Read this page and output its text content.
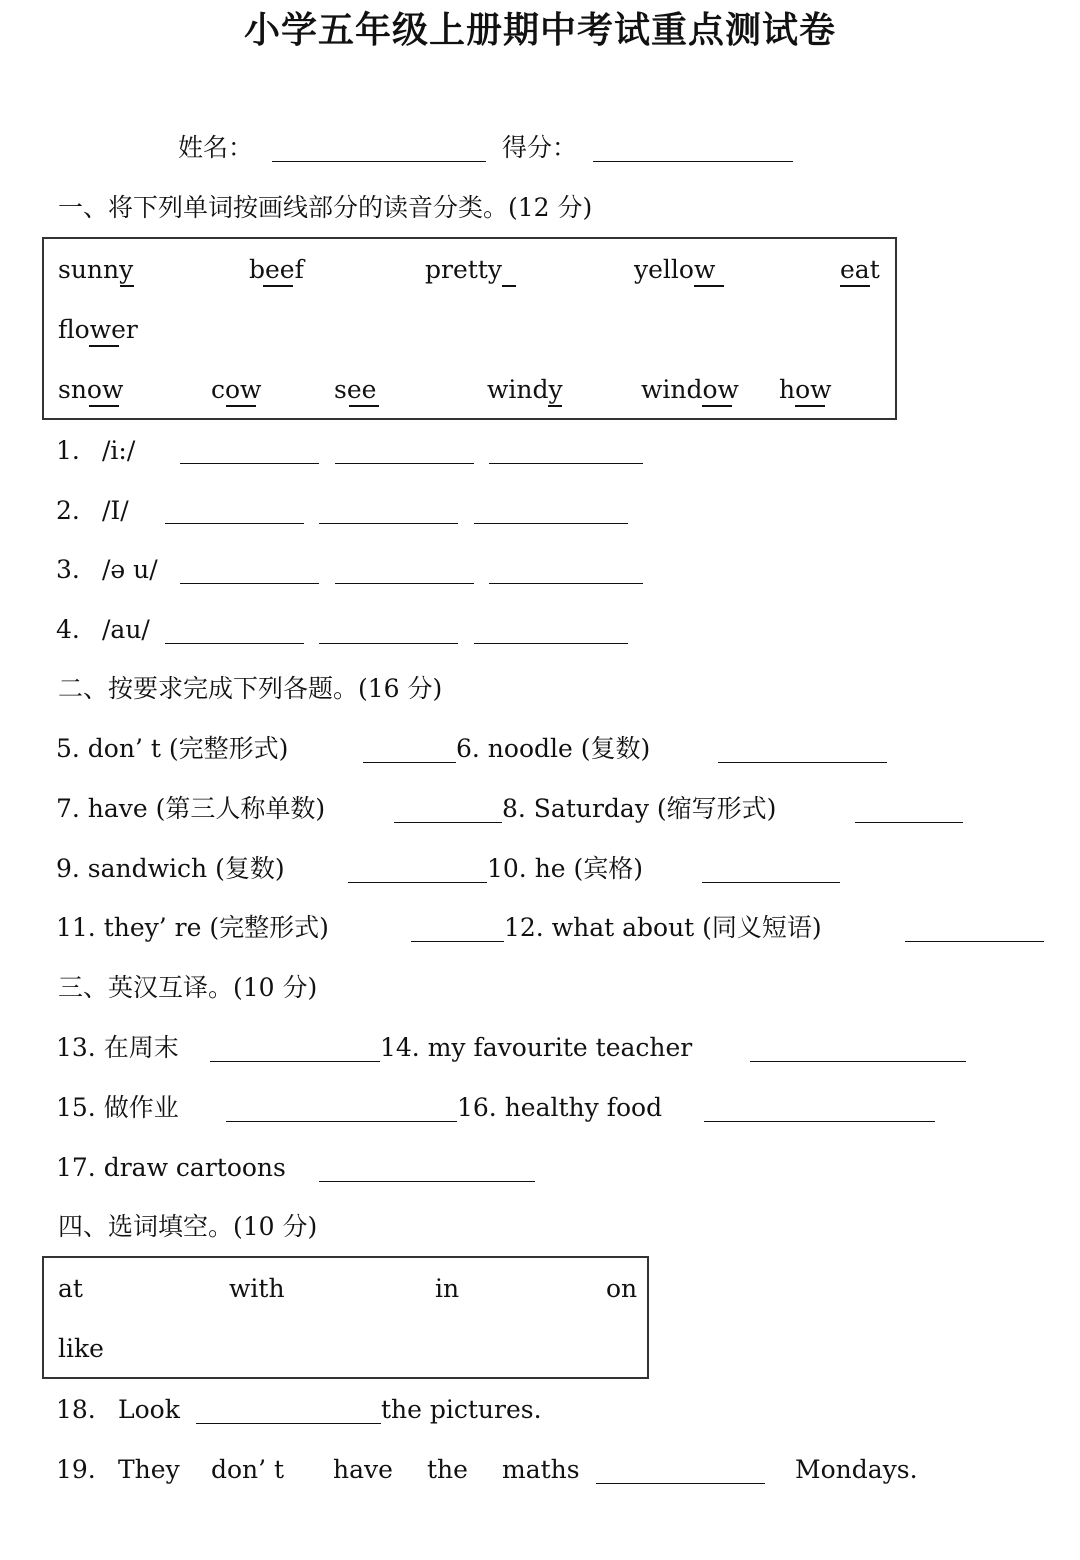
小学五年级上册期中考试重点测试卷
姓名：	得分：
一、将下列单词按画线部分的读音分类。(12 分)
sunny	beef	pretty	yellow	eat
flower
snow	cow	see	windy	window how
1. /i:/
2. /I/
3. /ə u/
4. /au/
二、按要求完成下列各题。(16 分)
5. don’ t (完整形式)	6. noodle (复数)
7. have (第三人称单数)	8. Saturday (缩写形式)
9. sandwich (复数)	10. he (宾格)
11. they’ re (完整形式)	12. what about (同义短语)
三、英汉互译。(10 分)
13. 在周末	14. my favourite teacher
15. 做作业	16. healthy food
17. draw cartoons
四、选词填空。(10 分)
at	with	in	on
like
18. Look	the pictures.
19. They don’ t have the maths	Mondays.
